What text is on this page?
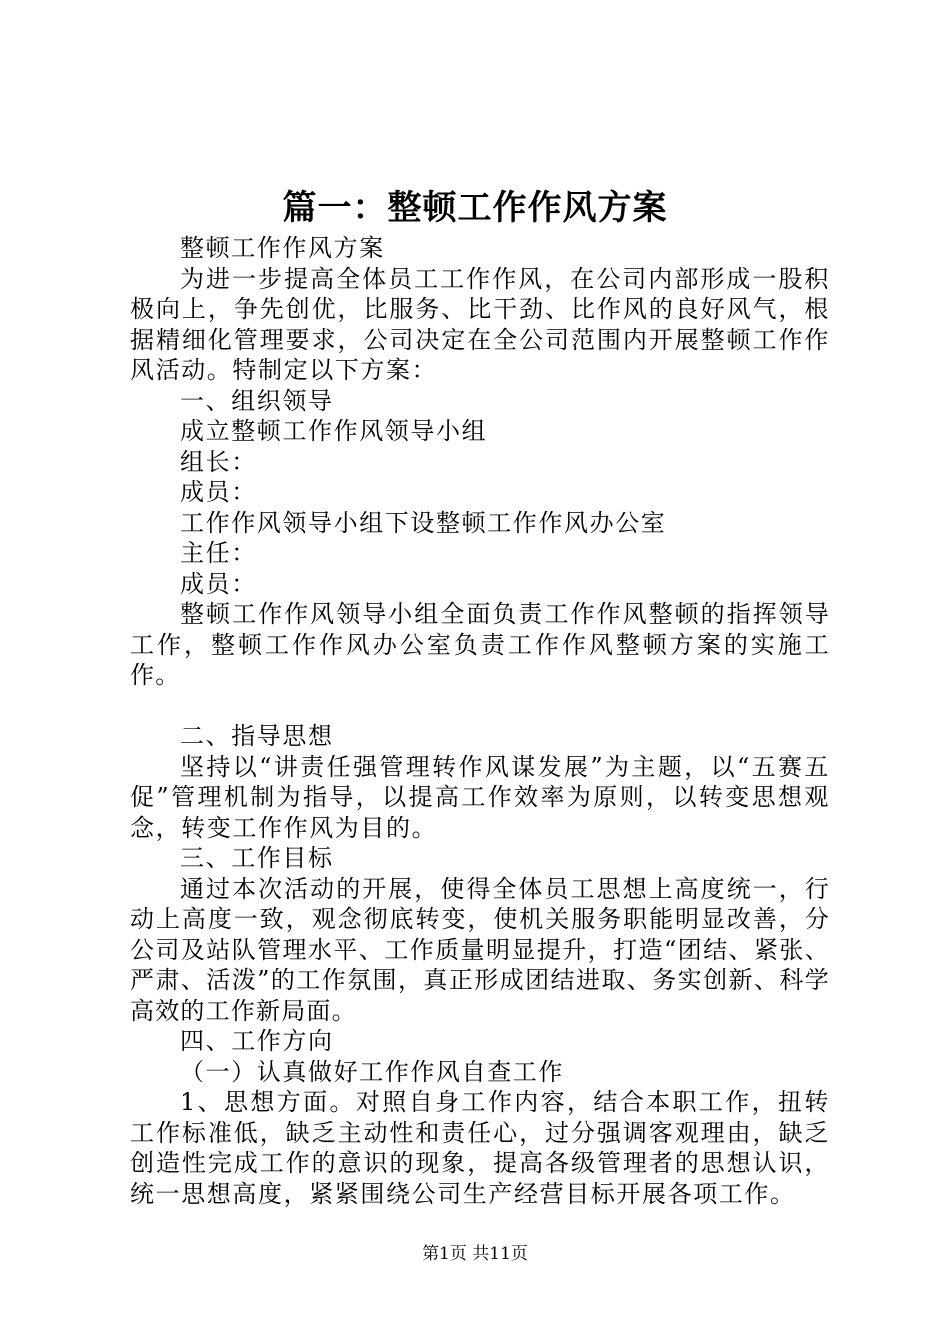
篇一：整顿工作作风方案

整顿工作作风方案

为进一步提高全体员工工作作风，在公司内部形成一股积极向上，争先创优，比服务、比干劲、比作风的良好风气，根据精细化管理要求，公司决定在全公司范围内开展整顿工作作风活动。特制定以下方案：

一、组织领导

成立整顿工作作风领导小组

组长：

成员：

工作作风领导小组下设整顿工作作风办公室

主任：

成员：

整顿工作作风领导小组全面负责工作作风整顿的指挥领导工作，整顿工作作风办公室负责工作作风整顿方案的实施工作。

二、指导思想

坚持以“讲责任强管理转作风谋发展”为主题，以“五赛五促”管理机制为指导，以提高工作效率为原则，以转变思想观念，转变工作作风为目的。

三、工作目标

通过本次活动的开展，使得全体员工思想上高度统一，行动上高度一致，观念彻底转变，使机关服务职能明显改善，分公司及站队管理水平、工作质量明显提升，打造“团结、紧张、严肃、活泼”的工作氛围，真正形成团结进取、务实创新、科学高效的工作新局面。

四、工作方向

（一）认真做好工作作风自查工作

1、思想方面。对照自身工作内容，结合本职工作，扭转工作标准低，缺乏主动性和责任心，过分强调客观理由，缺乏创造性完成工作的意识的现象，提高各级管理者的思想认识，统一思想高度，紧紧围绕公司生产经营目标开展各项工作。

第1页 共11页
